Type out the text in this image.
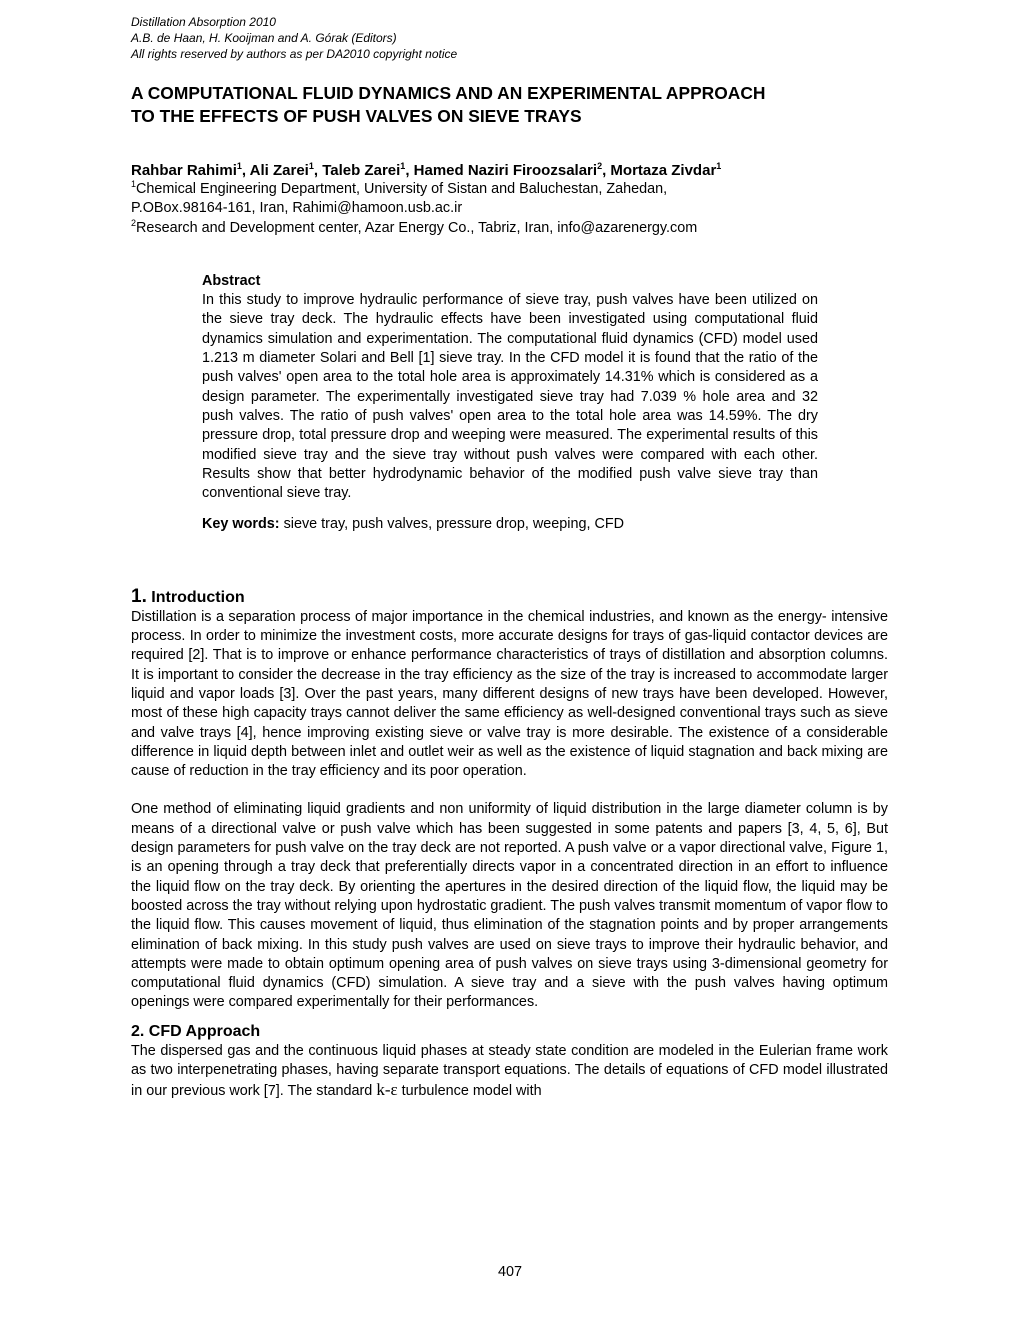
Distillation Absorption 2010
A.B. de Haan, H. Kooijman and A. Górak (Editors)
All rights reserved by authors as per DA2010 copyright notice
A COMPUTATIONAL FLUID DYNAMICS AND AN EXPERIMENTAL APPROACH
TO THE EFFECTS OF PUSH VALVES ON SIEVE TRAYS
Rahbar Rahimi$^1$, Ali Zarei$^1$, Taleb Zarei$^1$, Hamed Naziri Firoozsalari$^2$, Mortaza Zivdar$^1$
$^1$Chemical Engineering Department, University of Sistan and Baluchestan, Zahedan,
P.OBox.98164-161, Iran, Rahimi@hamoon.usb.ac.ir
$^2$Research and Development center, Azar Energy Co., Tabriz, Iran, info@azarenergy.com
Abstract
In this study to improve hydraulic performance of sieve tray, push valves have been utilized on the sieve tray deck. The hydraulic effects have been investigated using computational fluid dynamics simulation and experimentation. The computational fluid dynamics (CFD) model used 1.213 m diameter Solari and Bell [1] sieve tray. In the CFD model it is found that the ratio of the push valves' open area to the total hole area is approximately 14.31% which is considered as a design parameter. The experimentally investigated sieve tray had 7.039 % hole area and 32 push valves. The ratio of push valves' open area to the total hole area was 14.59%. The dry pressure drop, total pressure drop and weeping were measured. The experimental results of this modified sieve tray and the sieve tray without push valves were compared with each other. Results show that better hydrodynamic behavior of the modified push valve sieve tray than conventional sieve tray.
Key words: sieve tray, push valves, pressure drop, weeping, CFD
1. Introduction
Distillation is a separation process of major importance in the chemical industries, and known as the energy- intensive process. In order to minimize the investment costs, more accurate designs for trays of gas-liquid contactor devices are required [2]. That is to improve or enhance performance characteristics of trays of distillation and absorption columns. It is important to consider the decrease in the tray efficiency as the size of the tray is increased to accommodate larger liquid and vapor loads [3]. Over the past years, many different designs of new trays have been developed. However, most of these high capacity trays cannot deliver the same efficiency as well-designed conventional trays such as sieve and valve trays [4], hence improving existing sieve or valve tray is more desirable. The existence of a considerable difference in liquid depth between inlet and outlet weir as well as the existence of liquid stagnation and back mixing are cause of reduction in the tray efficiency and its poor operation.
One method of eliminating liquid gradients and non uniformity of liquid distribution in the large diameter column is by means of a directional valve or push valve which has been suggested in some patents and papers [3, 4, 5, 6], But design parameters for push valve on the tray deck are not reported. A push valve or a vapor directional valve, Figure 1, is an opening through a tray deck that preferentially directs vapor in a concentrated direction in an effort to influence the liquid flow on the tray deck. By orienting the apertures in the desired direction of the liquid flow, the liquid may be boosted across the tray without relying upon hydrostatic gradient. The push valves transmit momentum of vapor flow to the liquid flow. This causes movement of liquid, thus elimination of the stagnation points and by proper arrangements elimination of back mixing. In this study push valves are used on sieve trays to improve their hydraulic behavior, and attempts were made to obtain optimum opening area of push valves on sieve trays using 3-dimensional geometry for computational fluid dynamics (CFD) simulation. A sieve tray and a sieve with the push valves having optimum openings were compared experimentally for their performances.
2. CFD Approach
The dispersed gas and the continuous liquid phases at steady state condition are modeled in the Eulerian frame work as two interpenetrating phases, having separate transport equations. The details of equations of CFD model illustrated in our previous work [7]. The standard k-ε turbulence model with
407
